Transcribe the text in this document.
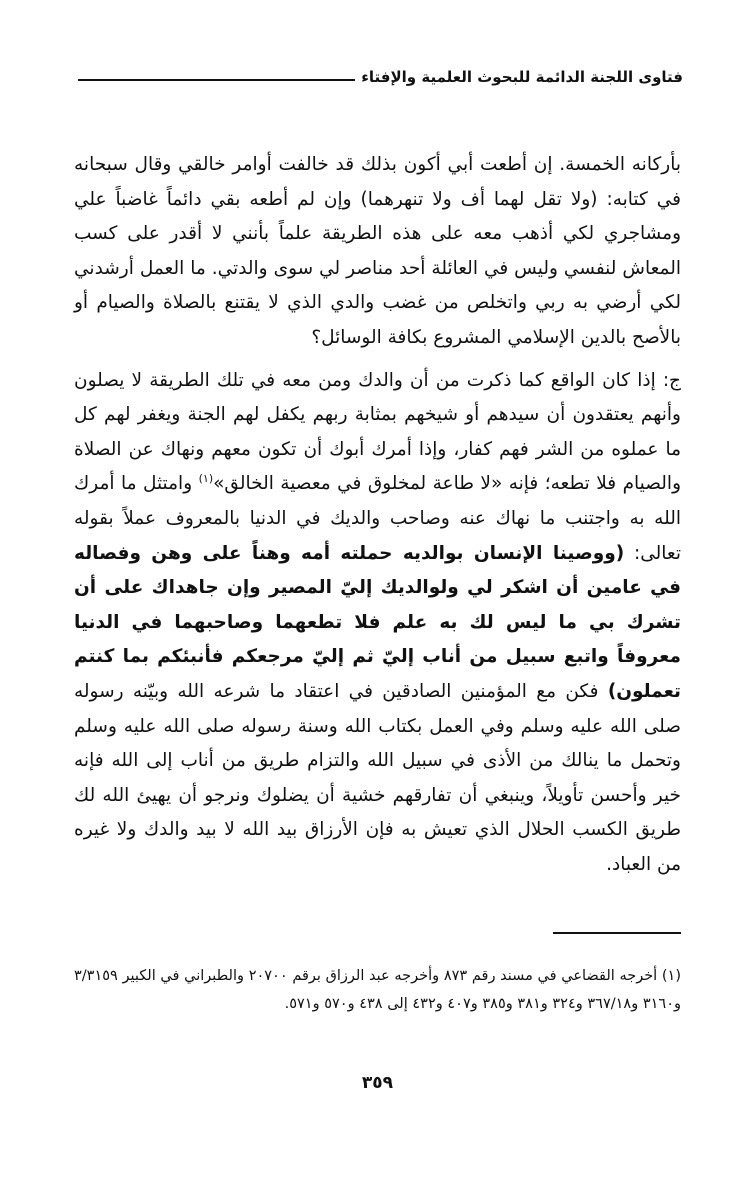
فتاوى اللجنة الدائمة للبحوث العلمية والإفتاء

بأركانه الخمسة. إن أطعت أبي أكون بذلك قد خالفت أوامر خالقي وقال سبحانه في كتابه: (ولا تقل لهما أف ولا تنهرهما) وإن لم أطعه بقي دائماً غاضباً علي ومشاجري لكي أذهب معه على هذه الطريقة علماً بأنني لا أقدر على كسب المعاش لنفسي وليس في العائلة أحد مناصر لي سوى والدتي. ما العمل أرشدني لكي أرضي به ربي واتخلص من غضب والدي الذي لا يقتنع بالصلاة والصيام أو بالأصح بالدين الإسلامي المشروع بكافة الوسائل؟

ج: إذا كان الواقع كما ذكرت من أن والدك ومن معه في تلك الطريقة لا يصلون وأنهم يعتقدون أن سيدهم أو شيخهم بمثابة ربهم يكفل لهم الجنة ويغفر لهم كل ما عملوه من الشر فهم كفار، وإذا أمرك أبوك أن تكون معهم ونهاك عن الصلاة والصيام فلا تطعه؛ فإنه «لا طاعة لمخلوق في معصية الخالق»$^{(١)}$ وامتثل ما أمرك الله به واجتنب ما نهاك عنه وصاحب والديك في الدنيا بالمعروف عملاً بقوله تعالى: (ووصينا الإنسان بوالديه حملته أمه وهناً على وهن وفصاله في عامين أن اشكر لي ولوالديك إليّ المصير وإن جاهداك على أن تشرك بي ما ليس لك به علم فلا تطعهما وصاحبهما في الدنيا معروفاً واتبع سبيل من أناب إليّ ثم إليّ مرجعكم فأنبئكم بما كنتم تعملون) فكن مع المؤمنين الصادقين في اعتقاد ما شرعه الله وبيّنه رسوله صلى الله عليه وسلم وفي العمل بكتاب الله وسنة رسوله صلى الله عليه وسلم وتحمل ما ينالك من الأذى في سبيل الله والتزام طريق من أناب إلى الله فإنه خير وأحسن تأويلاً، وينبغي أن تفارقهم خشية أن يضلوك ونرجو أن يهيئ الله لك طريق الكسب الحلال الذي تعيش به فإن الأرزاق بيد الله لا بيد والدك ولا غيره من العباد.

(١) أخرجه القضاعي في مسند رقم ٨٧٣ وأخرجه عبد الرزاق برقم ٢٠٧٠٠ والطبراني في الكبير ٣/٣١٥٩ و٣١٦٠ و٣٦٧/١٨ و٣٢٤ و٣٨١ و٣٨٥ و٤٠٧ و٤٣٢ إلى ٤٣٨ و٥٧٠ و٥٧١.
٣٥٩
